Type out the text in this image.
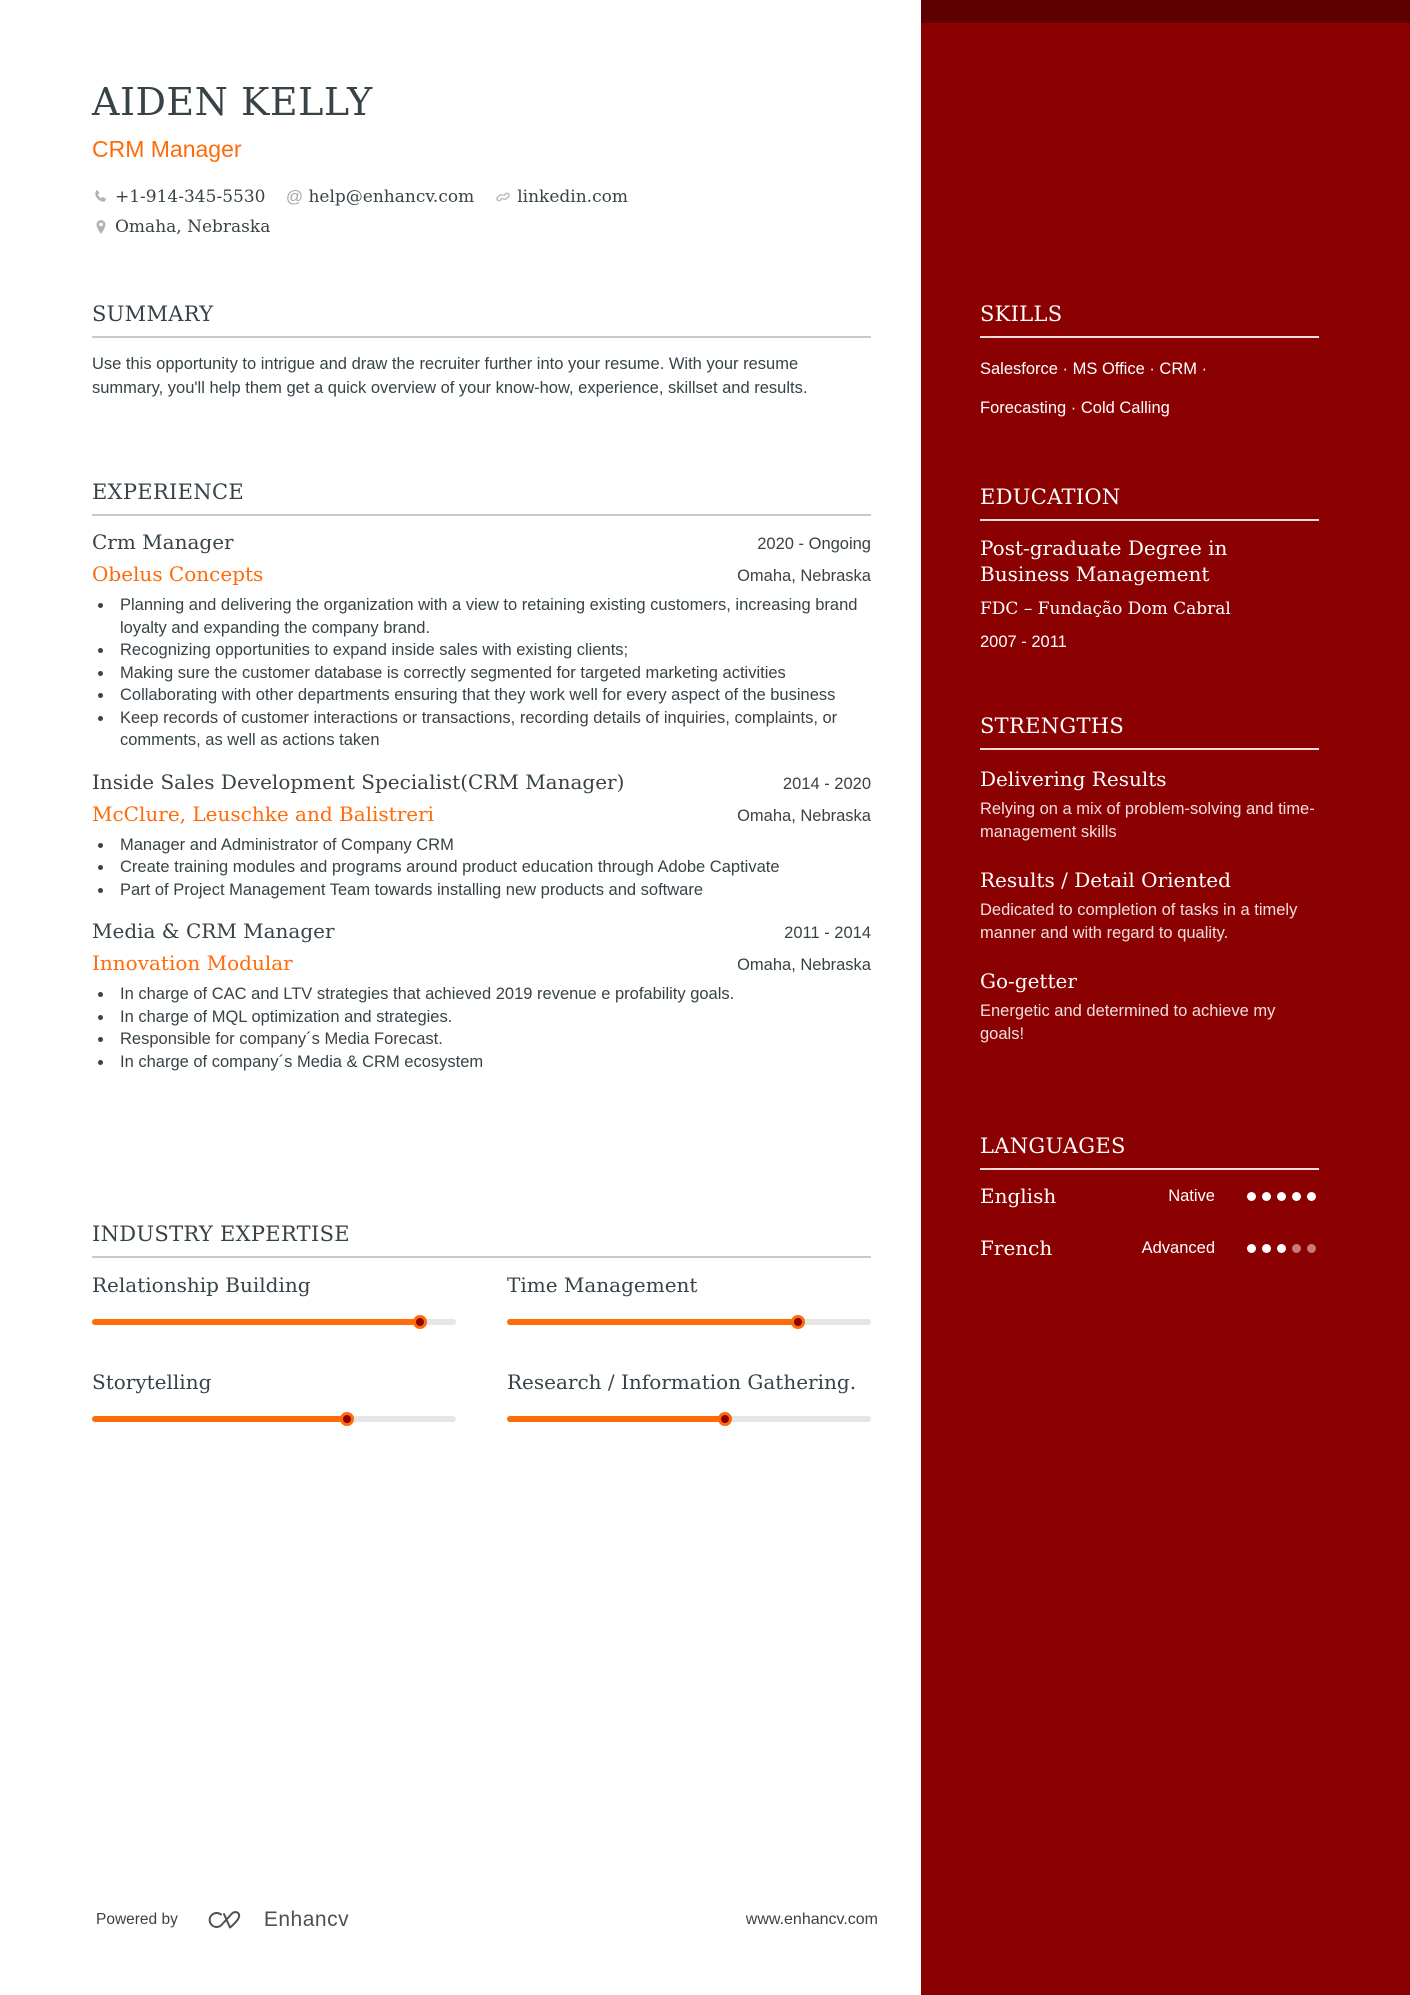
AIDEN KELLY
CRM Manager
+1-914-345-5530 @ help@enhancv.com	linkedin.com
Omaha, Nebraska
SUMMARY

Use this opportunity to intrigue and draw the recruiter further into your resume. With your resume summary, you'll help them get a quick overview of your know-how, experience, skillset and results.

EXPERIENCE
Crm Manager	2020 - Ongoing
Obelus Concepts	Omaha, Nebraska
Planning and delivering the organization with a view to retaining existing customers, increasing brand loyalty and expanding the company brand.
Recognizing opportunities to expand inside sales with existing clients;
Making sure the customer database is correctly segmented for targeted marketing activities
Collaborating with other departments ensuring that they work well for every aspect of the business
Keep records of customer interactions or transactions, recording details of inquiries, complaints, or comments, as well as actions taken
Inside Sales Development Specialist(CRM Manager)	2014 - 2020
McClure, Leuschke and Balistreri	Omaha, Nebraska
Manager and Administrator of Company CRM
Create training modules and programs around product education through Adobe Captivate
Part of Project Management Team towards installing new products and software
Media & CRM Manager	2011 - 2014
Innovation Modular	Omaha, Nebraska
In charge of CAC and LTV strategies that achieved 2019 revenue e profability goals.
In charge of MQL optimization and strategies.
Responsible for company´s Media Forecast.
In charge of company´s Media & CRM ecosystem
INDUSTRY EXPERTISE
Relationship Building	Time Management
Storytelling	Research / Information Gathering.
Powered by	Enhancv	www.enhancv.com
SKILLS
Salesforce · MS Office · CRM ·
Forecasting · Cold Calling
EDUCATION
Post-graduate Degree in Business Management
FDC – Fundação Dom Cabral
2007 - 2011
STRENGTHS
Delivering Results
Relying on a mix of problem-solving and time-management skills
Results / Detail Oriented
Dedicated to completion of tasks in a timely manner and with regard to quality.
Go-getter
Energetic and determined to achieve my goals!
LANGUAGES
English	Native
French	Advanced
